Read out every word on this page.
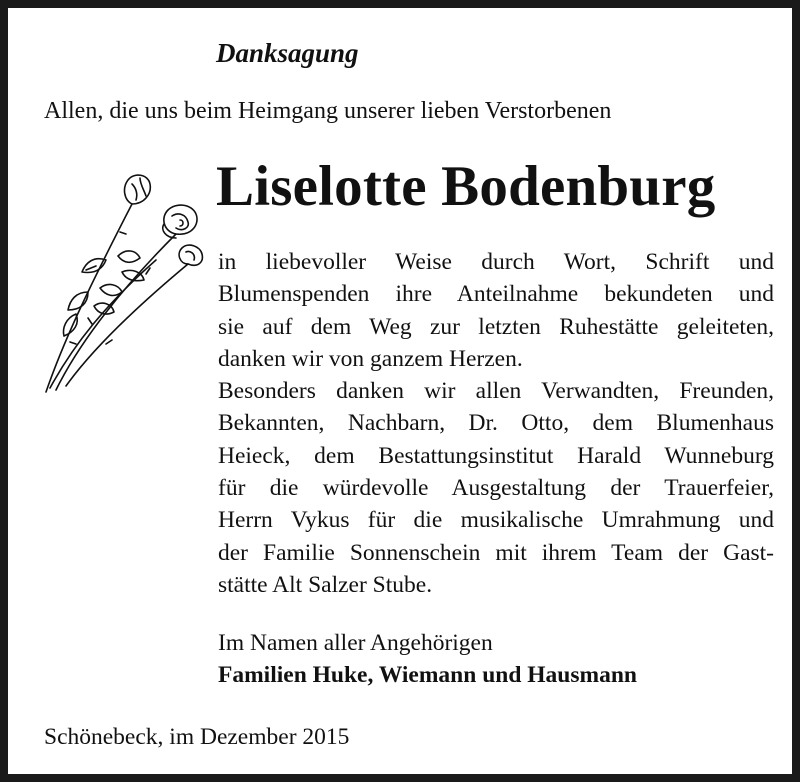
Danksagung
Allen, die uns beim Heimgang unserer lieben Verstorbenen
Liselotte Bodenburg
in liebevoller Weise durch Wort, Schrift und
Blumenspenden ihre Anteilnahme bekundeten und
sie auf dem Weg zur letzten Ruhestätte geleiteten,
danken wir von ganzem Herzen.
Besonders danken wir allen Verwandten, Freunden,
Bekannten, Nachbarn, Dr. Otto, dem Blumenhaus
Heieck, dem Bestattungsinstitut Harald Wunneburg
für die würdevolle Ausgestaltung der Trauerfeier,
Herrn Vykus für die musikalische Umrahmung und
der Familie Sonnenschein mit ihrem Team der Gast-
stätte Alt Salzer Stube.
Im Namen aller Angehörigen
Familien Huke, Wiemann und Hausmann
Schönebeck, im Dezember 2015
